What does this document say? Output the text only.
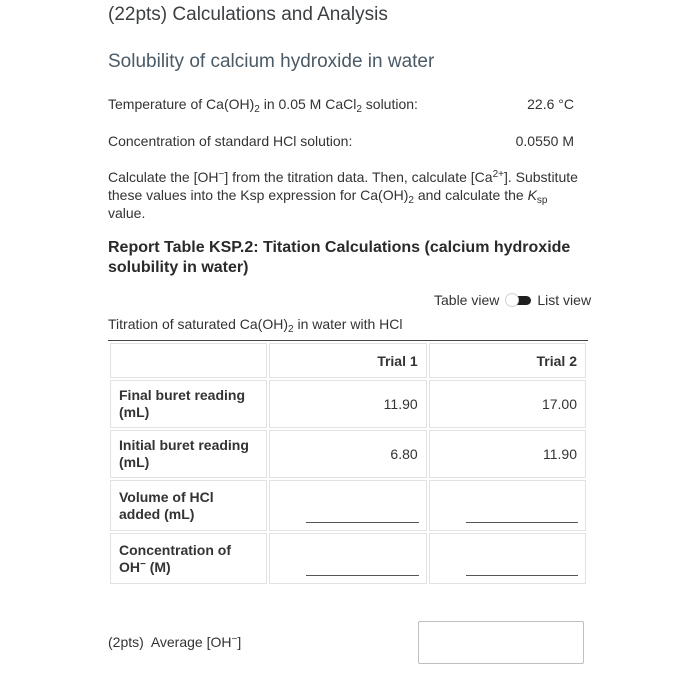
(22pts) Calculations and Analysis
Solubility of calcium hydroxide in water
Temperature of $Ca(OH)_2$ in 0.05 M CaCl$_2$ solution:	22.6 °C
Concentration of standard HCl solution:	0.0550 M
Calculate the [OH−] from the titration data. Then, calculate $[Ca^{2+}]$. Substitute these values into the Ksp expression for $Ca(OH)_2$ and calculate the $K_{sp}$ value.
Report Table KSP.2: Titation Calculations (calcium hydroxide solubility in water)
Table view	List view
Titration of saturated $Ca(OH)_2$ in water with HCl
	Trial 1	Trial 2
Final buret reading (mL)	11.90	17.00
Initial buret reading (mL)	6.80	11.90
Volume of HCl added (mL)	

Concentration of OH− (M)	

(2pts) Average [OH−]
